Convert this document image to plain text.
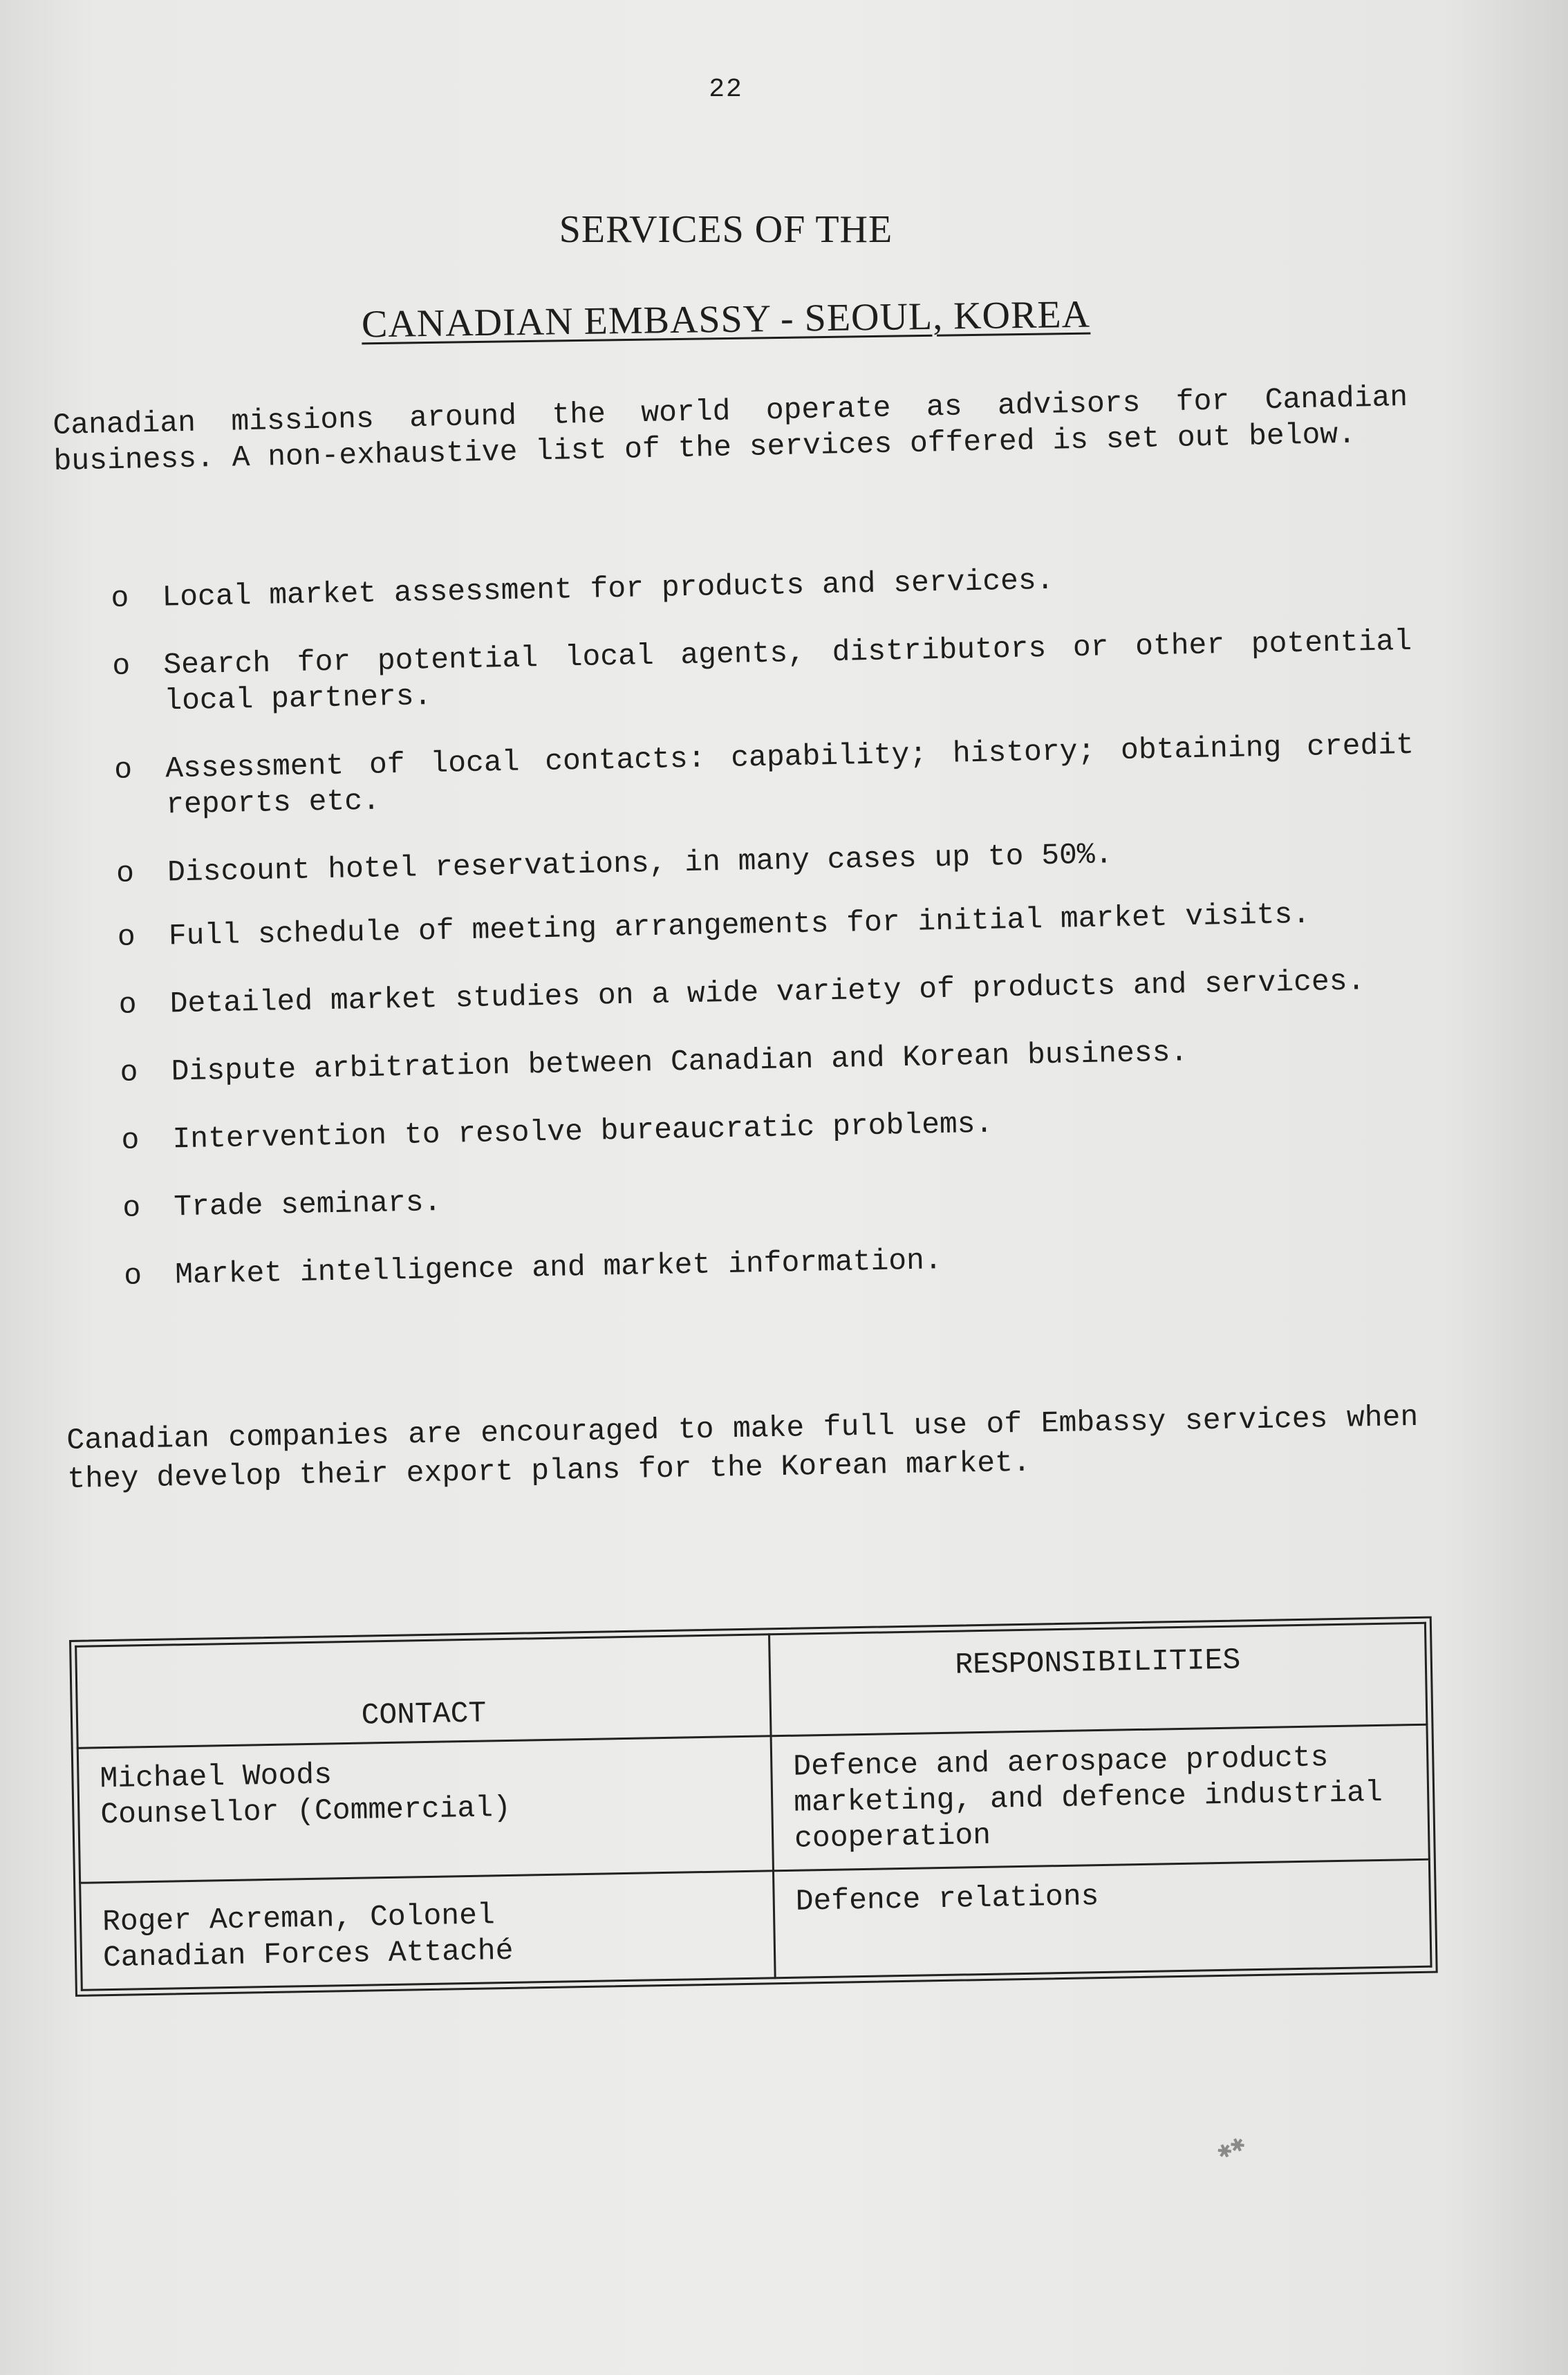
22
SERVICES OF THE
CANADIAN EMBASSY - SEOUL, KOREA

Canadian missions around the world operate as advisors for Canadian business. A non-exhaustive list of the services offered is set out below.

o Local market assessment for products and services.
o Search for potential local agents, distributors or other potential local partners.
o Assessment of local contacts: capability; history; obtaining credit reports etc.
o Discount hotel reservations, in many cases up to 50%.
o Full schedule of meeting arrangements for initial market visits.
o Detailed market studies on a wide variety of products and services.
o Dispute arbitration between Canadian and Korean business.
o Intervention to resolve bureaucratic problems.
o Trade seminars.
o Market intelligence and market information.

Canadian companies are encouraged to make full use of Embassy services when they develop their export plans for the Korean market.

CONTACT	RESPONSIBILITIES

Michael Woods
Counsellor (Commercial)	Defence and aerospace products marketing, and defence industrial cooperation

Roger Acreman, Colonel
Canadian Forces Attaché	Defence relations
✱✱
